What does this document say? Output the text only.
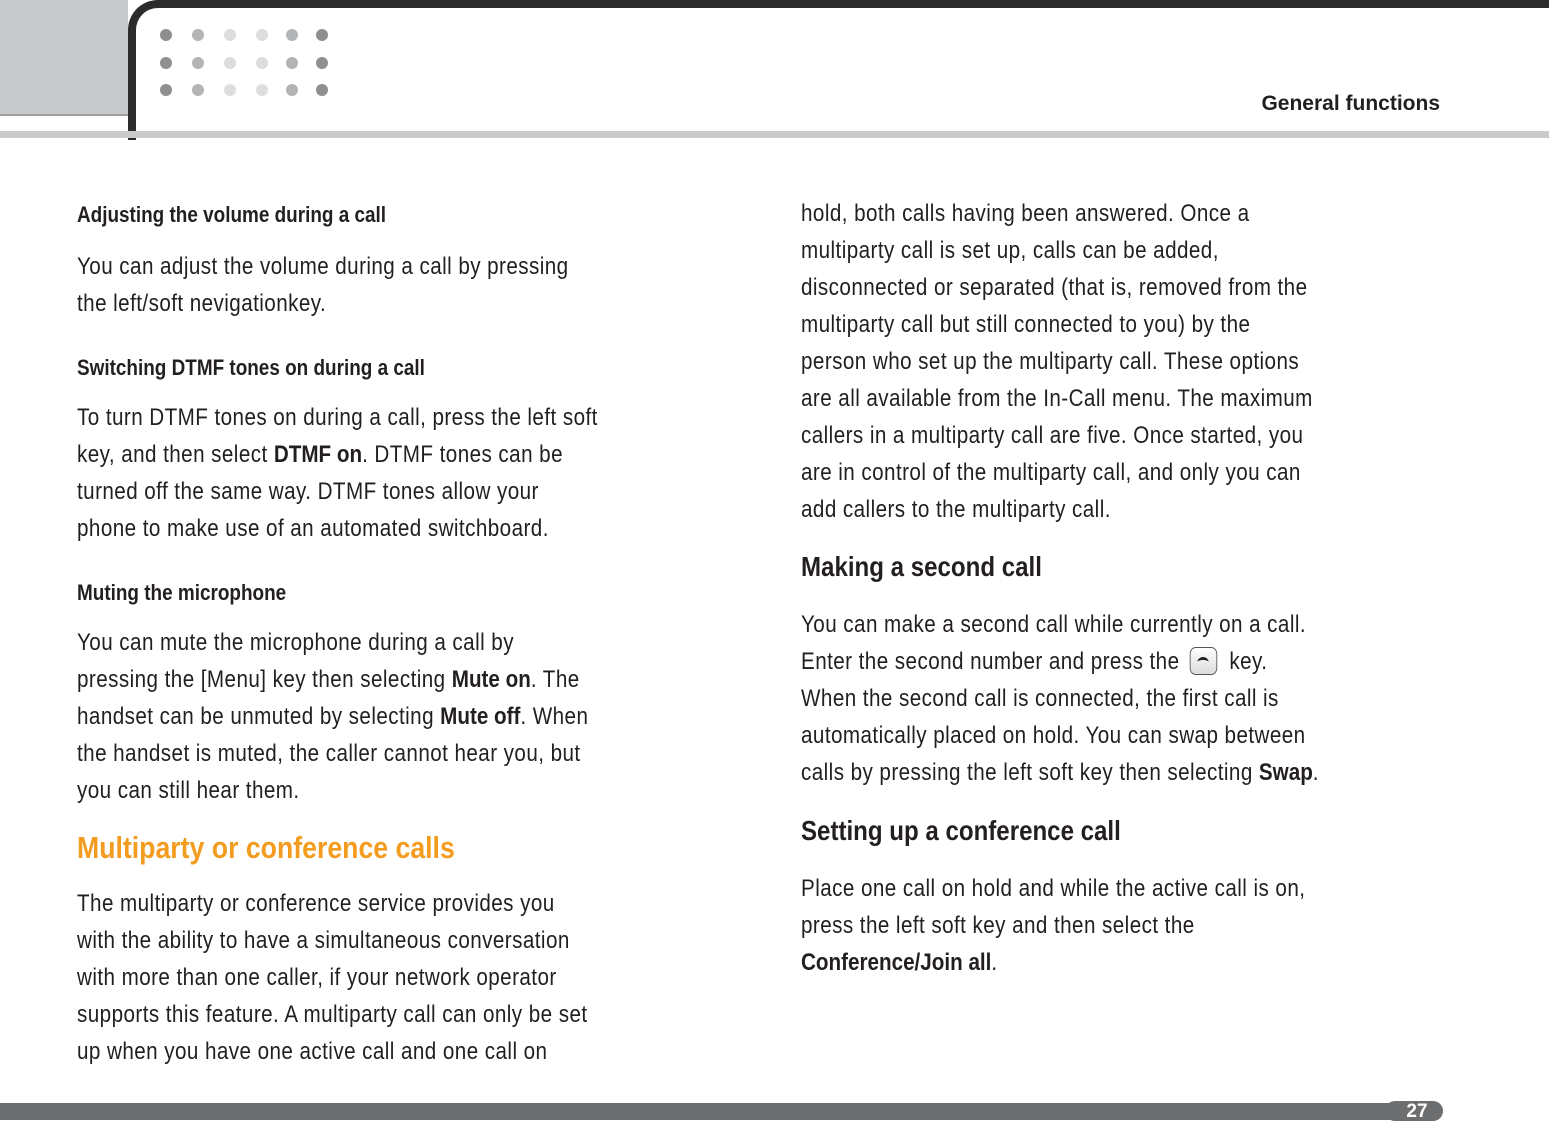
General functions
Adjusting the volume during a call
You can adjust the volume during a call by pressing
the left/soft nevigationkey.
Switching DTMF tones on during a call
To turn DTMF tones on during a call, press the left soft
key, and then select DTMF on. DTMF tones can be
turned off the same way. DTMF tones allow your
phone to make use of an automated switchboard.
Muting the microphone
You can mute the microphone during a call by
pressing the [Menu] key then selecting Mute on. The
handset can be unmuted by selecting Mute off. When
the handset is muted, the caller cannot hear you, but
you can still hear them.
Multiparty or conference calls
The multiparty or conference service provides you
with the ability to have a simultaneous conversation
with more than one caller, if your network operator
supports this feature. A multiparty call can only be set
up when you have one active call and one call on
hold, both calls having been answered. Once a
multiparty call is set up, calls can be added,
disconnected or separated (that is, removed from the
multiparty call but still connected to you) by the
person who set up the multiparty call. These options
are all available from the In-Call menu. The maximum
callers in a multiparty call are five. Once started, you
are in control of the multiparty call, and only you can
add callers to the multiparty call.
Making a second call
You can make a second call while currently on a call.
Enter the second number and press the key.
When the second call is connected, the first call is
automatically placed on hold. You can swap between
calls by pressing the left soft key then selecting Swap.
Setting up a conference call
Place one call on hold and while the active call is on,
press the left soft key and then select the
Conference/Join all.
27
